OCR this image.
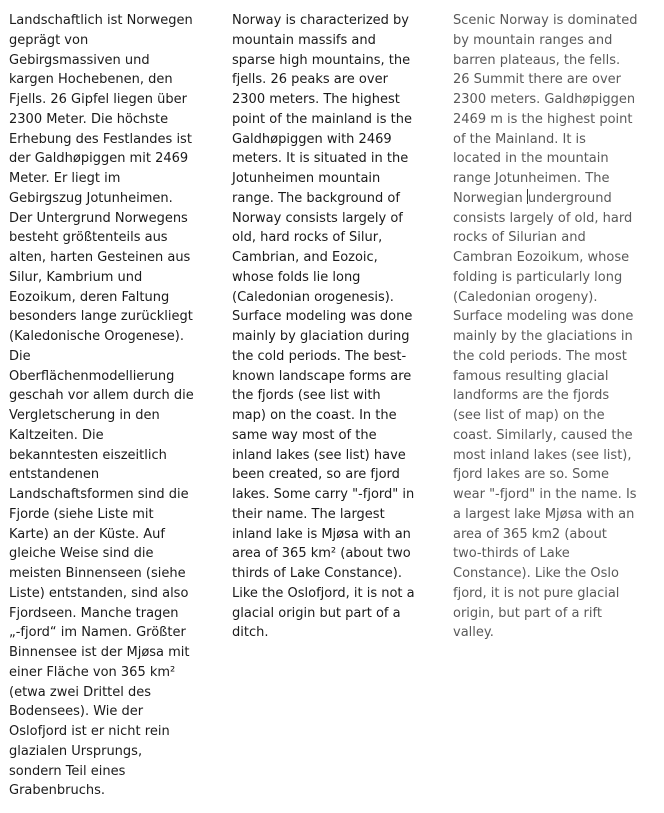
Landschaftlich ist Norwegen
geprägt von
Gebirgsmassiven und
kargen Hochebenen, den
Fjells. 26 Gipfel liegen über
2300 Meter. Die höchste
Erhebung des Festlandes ist
der Galdhøpiggen mit 2469
Meter. Er liegt im
Gebirgszug Jotunheimen.
Der Untergrund Norwegens
besteht größtenteils aus
alten, harten Gesteinen aus
Silur, Kambrium und
Eozoikum, deren Faltung
besonders lange zurückliegt
(Kaledonische Orogenese).
Die
Oberflächenmodellierung
geschah vor allem durch die
Vergletscherung in den
Kaltzeiten. Die
bekanntesten eiszeitlich
entstandenen
Landschaftsformen sind die
Fjorde (siehe Liste mit
Karte) an der Küste. Auf
gleiche Weise sind die
meisten Binnenseen (siehe
Liste) entstanden, sind also
Fjordseen. Manche tragen
„-fjord“ im Namen. Größter
Binnensee ist der Mjøsa mit
einer Fläche von 365 km²
(etwa zwei Drittel des
Bodensees). Wie der
Oslofjord ist er nicht rein
glazialen Ursprungs,
sondern Teil eines
Grabenbruchs.

Norway is characterized by
mountain massifs and
sparse high mountains, the
fjells. 26 peaks are over
2300 meters. The highest
point of the mainland is the
Galdhøpiggen with 2469
meters. It is situated in the
Jotunheimen mountain
range. The background of
Norway consists largely of
old, hard rocks of Silur,
Cambrian, and Eozoic,
whose folds lie long
(Caledonian orogenesis).
Surface modeling was done
mainly by glaciation during
the cold periods. The best-
known landscape forms are
the fjords (see list with
map) on the coast. In the
same way most of the
inland lakes (see list) have
been created, so are fjord
lakes. Some carry "-fjord" in
their name. The largest
inland lake is Mjøsa with an
area of 365 km² (about two
thirds of Lake Constance).
Like the Oslofjord, it is not a
glacial origin but part of a
ditch.

Scenic Norway is dominated
by mountain ranges and
barren plateaus, the fells.
26 Summit there are over
2300 meters. Galdhøpiggen
2469 m is the highest point
of the Mainland. It is
located in the mountain
range Jotunheimen. The
Norwegian underground
consists largely of old, hard
rocks of Silurian and
Cambran Eozoikum, whose
folding is particularly long
(Caledonian orogeny).
Surface modeling was done
mainly by the glaciations in
the cold periods. The most
famous resulting glacial
landforms are the fjords
(see list of map) on the
coast. Similarly, caused the
most inland lakes (see list),
fjord lakes are so. Some
wear "-fjord" in the name. Is
a largest lake Mjøsa with an
area of 365 km2 (about
two-thirds of Lake
Constance). Like the Oslo
fjord, it is not pure glacial
origin, but part of a rift
valley.
